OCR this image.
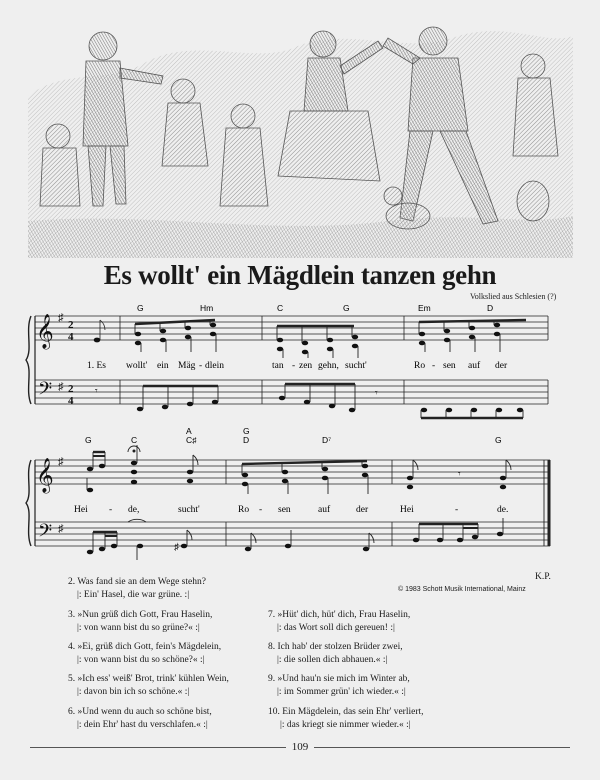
Es wollt' ein Mägdlein tanzen gehn
Volkslied aus Schlesien (?)
𝄞
𝄢
♯
♯
2
4
2
4
𝄾	𝄾
𝄞
𝄢
♯
♯
♯
𝄾
G	Hm	C	G	Em	D
G	C
A
C♯
G
D	D⁷	G
1. Es wollt' ein Mäg - dlein	tan - zen gehn, sucht'	Ro - sen auf der
Hei - de,	sucht'	Ro - sen	auf	der	Hei	-	de.
K.P.
© 1983 Schott Musik International, Mainz
2. Was fand sie an dem Wege stehn?
|: Ein' Hasel, die war grüne. :|
3. »Nun grüß dich Gott, Frau Haselin,
|: von wann bist du so grüne?« :|
4. »Ei, grüß dich Gott, fein's Mägdelein,
|: von wann bist du so schöne?« :|
5. »Ich ess' weiß' Brot, trink' kühlen Wein,
|: davon bin ich so schöne.« :|
6. »Und wenn du auch so schöne bist,
|: dein Ehr' hast du verschlafen.« :|
7. »Hüt' dich, hüt' dich, Frau Haselin,
|: das Wort soll dich gereuen! :|
8. Ich hab' der stolzen Brüder zwei,
|: die sollen dich abhauen.« :|
9. »Und hau'n sie mich im Winter ab,
|: im Sommer grün' ich wieder.« :|
10. Ein Mägdelein, das sein Ehr' verliert,
|: das kriegt sie nimmer wieder.« :|
109
